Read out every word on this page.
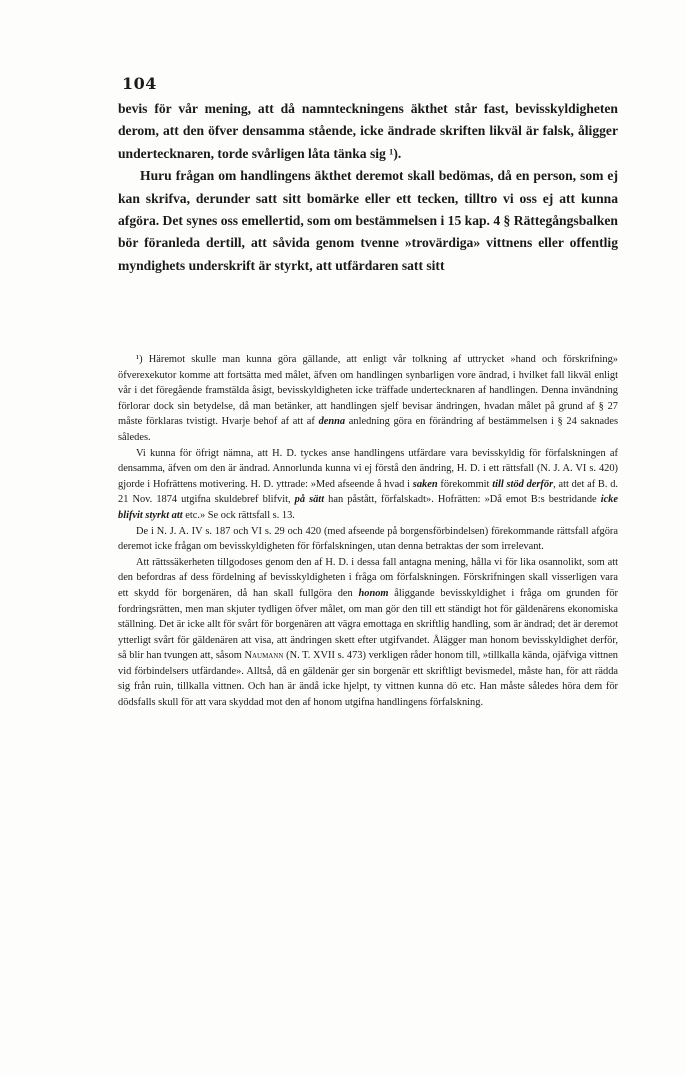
104

bevis för vår mening, att då namnteckningens äkthet står fast, bevisskyldigheten derom, att den öfver densamma stående, icke ändrade skriften likväl är falsk, åligger undertecknaren, torde svårligen låta tänka sig ¹).

Huru frågan om handlingens äkthet deremot skall bedömas, då en person, som ej kan skrifva, derunder satt sitt bomärke eller ett tecken, tilltro vi oss ej att kunna afgöra. Det synes oss emellertid, som om bestämmelsen i 15 kap. 4 § Rättegångsbalken bör föranleda dertill, att såvida genom tvenne »trovärdiga» vittnens eller offentlig myndighets underskrift är styrkt, att utfärdaren satt sitt

¹) Häremot skulle man kunna göra gällande, att enligt vår tolkning af uttrycket »hand och förskrifning» öfverexekutor komme att fortsätta med målet, äfven om handlingen synbarligen vore ändrad, i hvilket fall likväl enligt vår i det föregående framstälda åsigt, bevisskyldigheten icke träffade undertecknaren af handlingen. Denna invändning förlorar dock sin betydelse, då man betänker, att handlingen sjelf bevisar ändringen, hvadan målet på grund af § 27 måste förklaras tvistigt. Hvarje behof af att af denna anledning göra en förändring af bestämmelsen i § 24 saknades således.

Vi kunna för öfrigt nämna, att H. D. tyckes anse handlingens utfärdare vara bevisskyldig för förfalskningen af densamma, äfven om den är ändrad. Annorlunda kunna vi ej förstå den ändring, H. D. i ett rättsfall (N. J. A. VI s. 420) gjorde i Hofrättens motivering. H. D. yttrade: »Med afseende å hvad i saken förekommit till stöd derför, att det af B. d. 21 Nov. 1874 utgifna skuldebref blifvit, på sätt han påstått, förfalskadt». Hofrätten: »Då emot B:s bestridande icke blifvit styrkt att etc.» Se ock rättsfall s. 13.

De i N. J. A. IV s. 187 och VI s. 29 och 420 (med afseende på borgensförbindelsen) förekommande rättsfall afgöra deremot icke frågan om bevisskyldigheten för förfalskningen, utan denna betraktas der som irrelevant.

Att rättssäkerheten tillgodoses genom den af H. D. i dessa fall antagna mening, hålla vi för lika osannolikt, som att den befordras af dess fördelning af bevisskyldigheten i fråga om förfalskningen. Förskrifningen skall visserligen vara ett skydd för borgenären, då han skall fullgöra den honom åliggande bevisskyldighet i fråga om grunden för fordringsrätten, men man skjuter tydligen öfver målet, om man gör den till ett ständigt hot för gäldenärens ekonomiska ställning. Det är icke allt för svårt för borgenären att vägra emottaga en skriftlig handling, som är ändrad; det är deremot ytterligt svårt för gäldenären att visa, att ändringen skett efter utgifvandet. Ålägger man honom bevisskyldighet derför, så blir han tvungen att, såsom Naumann (N. T. XVII s. 473) verkligen råder honom till, »tillkalla kända, ojäfviga vittnen vid förbindelsers utfärdande». Alltså, då en gäldenär ger sin borgenär ett skriftligt bevismedel, måste han, för att rädda sig från ruin, tillkalla vittnen. Och han är ändå icke hjelpt, ty vittnen kunna dö etc. Han måste således höra dem för dödsfalls skull för att vara skyddad mot den af honom utgifna handlingens förfalskning.
